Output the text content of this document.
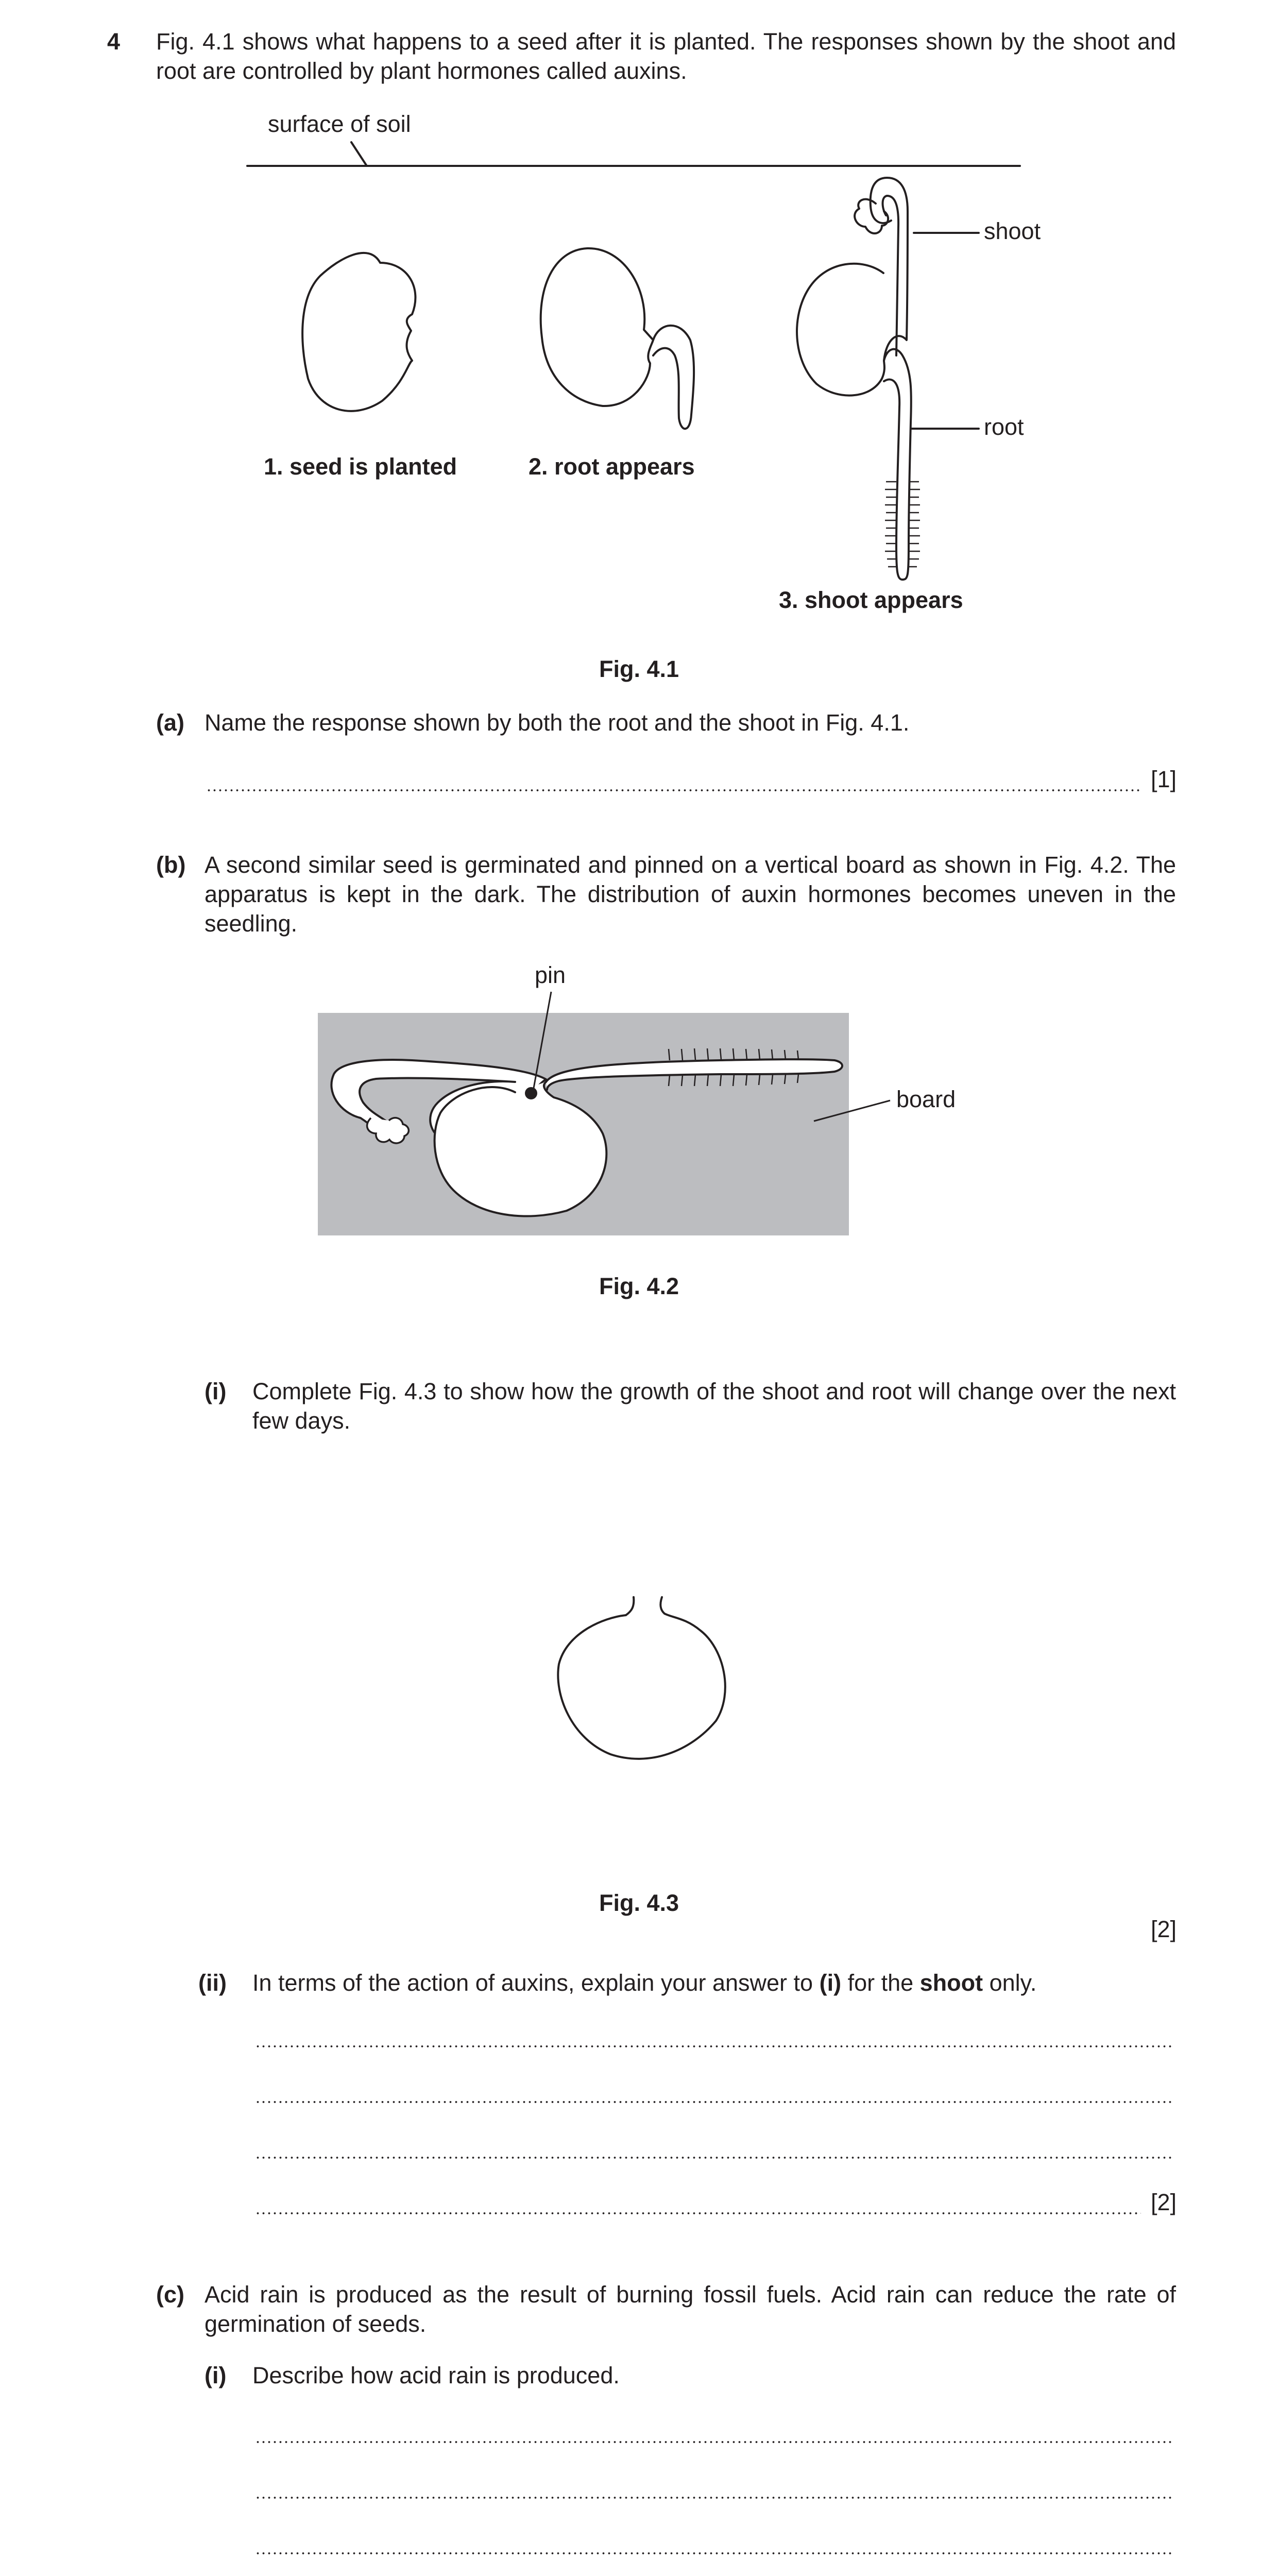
4 Fig. 4.1 shows what happens to a seed after it is planted. The responses shown by the shoot and root are controlled by plant hormones called auxins.
surface of soil
shoot
root
1. seed is planted	2. root appears
3. shoot appears
Fig. 4.1
(a) Name the response shown by both the root and the shoot in Fig. 4.1.
[1]
(b) A second similar seed is germinated and pinned on a vertical board as shown in Fig. 4.2. The apparatus is kept in the dark. The distribution of auxin hormones becomes uneven in the seedling.
pin
board
Fig. 4.2
(i) Complete Fig. 4.3 to show how the growth of the shoot and root will change over the next few days.
Fig. 4.3
[2]
(ii) In terms of the action of auxins, explain your answer to (i) for the shoot only.
[2]
(c) Acid rain is produced as the result of burning fossil fuels. Acid rain can reduce the rate of germination of seeds.
(i) Describe how acid rain is produced.
